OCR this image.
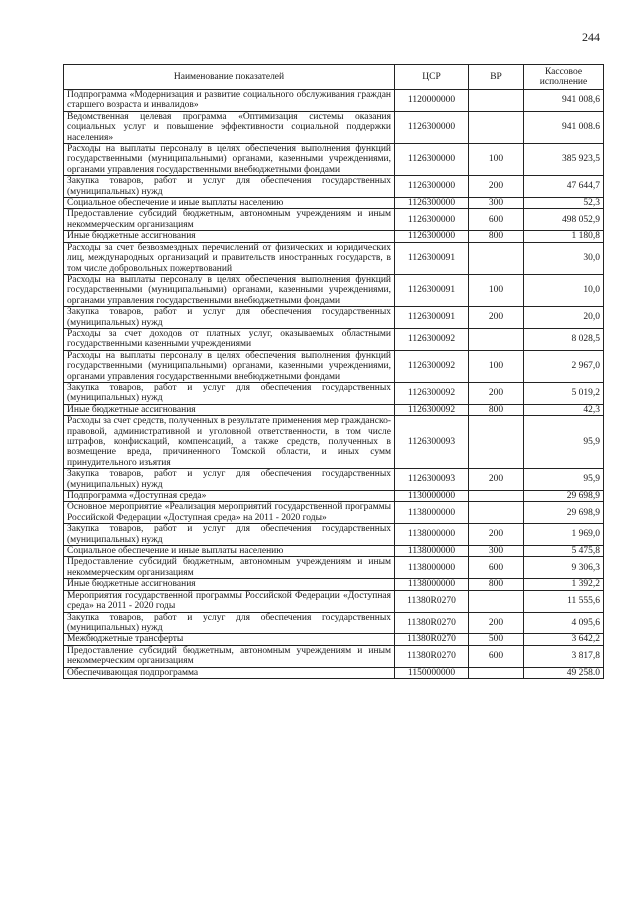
244
Наименование показателей	ЦСР	ВР	Кассовое исполнение
Подпрограмма «Модернизация и развитие социального обслуживания граждан старшего возраста и инвалидов»	1120000000		941 008,6
Ведомственная целевая программа «Оптимизация системы оказания социальных услуг и повышение эффективности социальной поддержки населения»	1126300000		941 008.6
Расходы на выплаты персоналу в целях обеспечения выполнения функций государственными (муниципальными) органами, казенными учреждениями, органами управления государственными внебюджетными фондами	1126300000	100	385 923,5
Закупка товаров, работ и услуг для обеспечения государственных (муниципальных) нужд	1126300000	200	47 644,7
Социальное обеспечение и иные выплаты населению	1126300000	300	52,3
Предоставление субсидий бюджетным, автономным учреждениям и иным некоммерческим организациям	1126300000	600	498 052,9
Иные бюджетные ассигнования	1126300000	800	1 180,8
Расходы за счет безвозмездных перечислений от физических и юридических лиц, международных организаций и правительств иностранных государств, в том числе добровольных пожертвований	1126300091		30,0
Расходы на выплаты персоналу в целях обеспечения выполнения функций государственными (муниципальными) органами, казенными учреждениями, органами управления государственными внебюджетными фондами	1126300091	100	10,0
Закупка товаров, работ и услуг для обеспечения государственных (муниципальных) нужд	1126300091	200	20,0
Расходы за счет доходов от платных услуг, оказываемых областными государственными казенными учреждениями	1126300092		8 028,5
Расходы на выплаты персоналу в целях обеспечения выполнения функций государственными (муниципальными) органами, казенными учреждениями, органами управления государственными внебюджетными фондами	1126300092	100	2 967,0
Закупка товаров, работ и услуг для обеспечения государственных (муниципальных) нужд	1126300092	200	5 019,2
Иные бюджетные ассигнования	1126300092	800	42,3
Расходы за счет средств, полученных в результате применения мер гражданско-правовой, административной и уголовной ответственности, в том числе штрафов, конфискаций, компенсаций, а также средств, полученных в возмещение вреда, причиненного Томской области, и иных сумм принудительного изъятия	1126300093		95,9
Закупка товаров, работ и услуг для обеспечения государственных (муниципальных) нужд	1126300093	200	95,9
Подпрограмма «Доступная среда»	1130000000		29 698,9
Основное мероприятие «Реализация мероприятий государственной программы Российской Федерации «Доступная среда» на 2011 - 2020 годы»	1138000000		29 698,9
Закупка товаров, работ и услуг для обеспечения государственных (муниципальных) нужд	1138000000	200	1 969,0
Социальное обеспечение и иные выплаты населению	1138000000	300	5 475,8
Предоставление субсидий бюджетным, автономным учреждениям и иным некоммерческим организациям	1138000000	600	9 306,3
Иные бюджетные ассигнования	1138000000	800	1 392,2
Мероприятия государственной программы Российской Федерации «Доступная среда» на 2011 - 2020 годы	11380R0270		11 555,6
Закупка товаров, работ и услуг для обеспечения государственных (муниципальных) нужд	11380R0270	200	4 095,6
Межбюджетные трансферты	11380R0270	500	3 642,2
Предоставление субсидий бюджетным, автономным учреждениям и иным некоммерческим организациям	11380R0270	600	3 817,8
Обеспечивающая подпрограмма	1150000000		49 258.0
